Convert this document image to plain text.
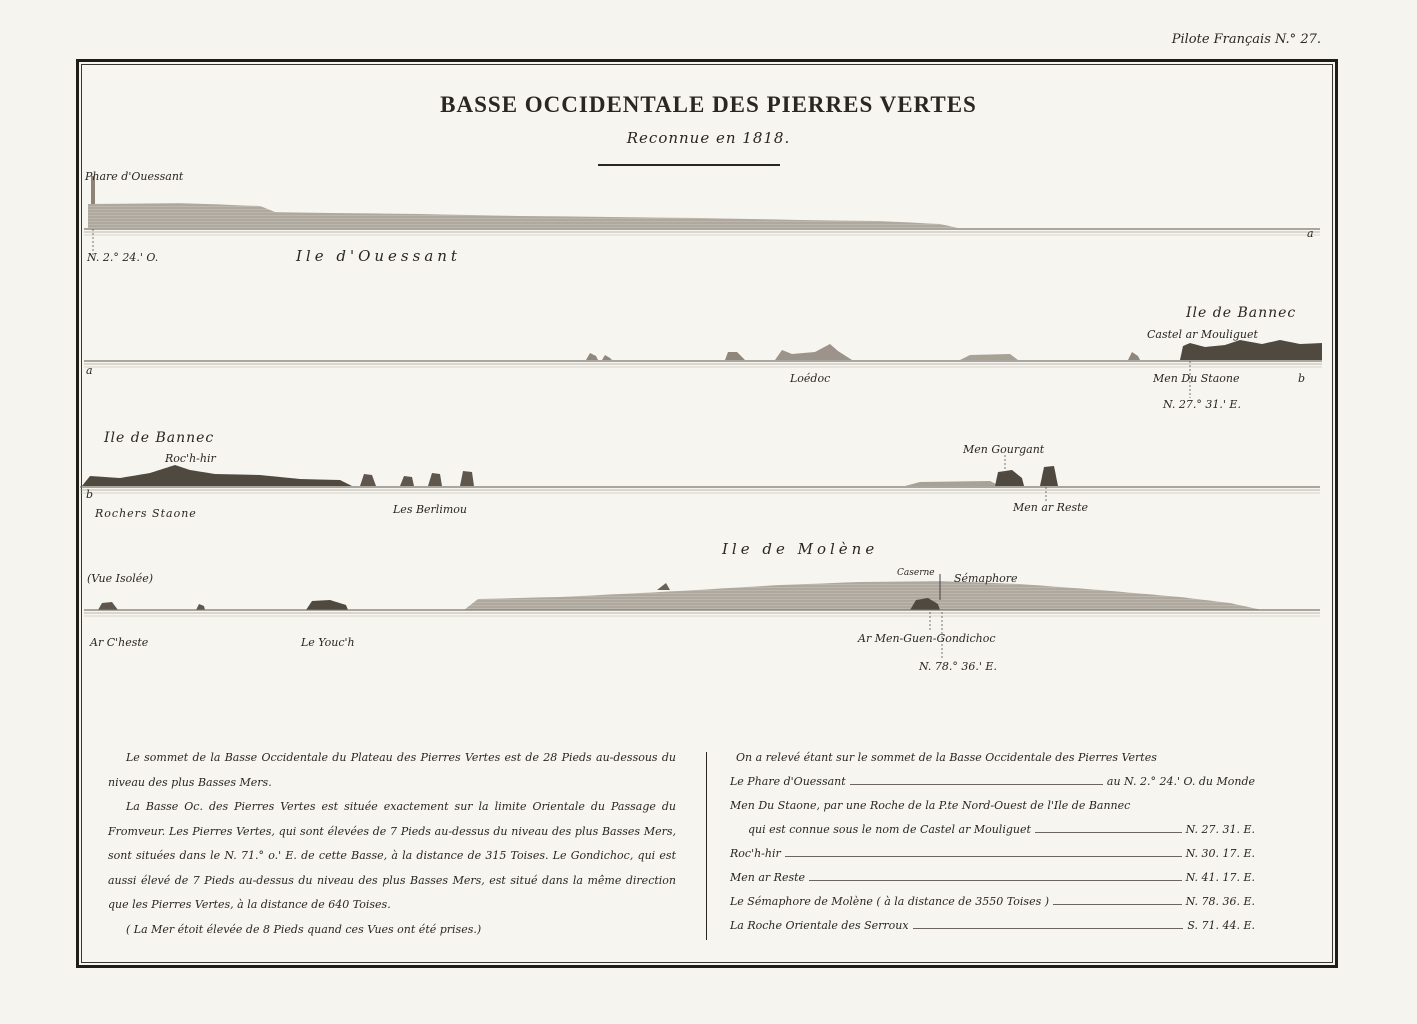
Pilote Français N.° 27.
BASSE OCCIDENTALE DES PIERRES VERTES
Reconnue en 1818.
Phare d'Ouessant
N. 2.° 24.' O.	Ile d'Ouessant
a
a
Ile de Bannec
Castel ar Mouliguet
Loédoc	Men Du Staone
N. 27.° 31.' E.
b
Ile de Bannec
Roc'h-hir
b
Rochers Staone	Les Berlimou
Men Gourgant
Men ar Reste
Ile de Molène
(Vue Isolée)	Caserne Sémaphore
Ar C'heste	Le Youc'h	Ar Men-Guen-Gondichoc
N. 78.° 36.' E.

Le sommet de la Basse Occidentale du Plateau des Pierres Vertes est de 28 Pieds au-dessous du niveau des plus Basses Mers.

La Basse Oc. des Pierres Vertes est située exactement sur la limite Orientale du Passage du Fromveur. Les Pierres Vertes, qui sont élevées de 7 Pieds au-dessus du niveau des plus Basses Mers, sont situées dans le N. 71.° o.' E. de cette Basse, à la distance de 315 Toises. Le Gondichoc, qui est aussi élevé de 7 Pieds au-dessus du niveau des plus Basses Mers, est situé dans la même direction que les Pierres Vertes, à la distance de 640 Toises.

( La Mer étoit élevée de 8 Pieds quand ces Vues ont été prises.)

On a relevé étant sur le sommet de la Basse Occidentale des Pierres Vertes
Le Phare d'Ouessant	au N. 2.° 24.' O. du Monde
Men Du Staone, par une Roche de la P.te Nord-Ouest de l'Ile de Bannec
qui est connue sous le nom de Castel ar Mouliguet	N. 27. 31. E.
Roc'h-hir	N. 30. 17. E.
Men ar Reste	N. 41. 17. E.
Le Sémaphore de Molène ( à la distance de 3550 Toises )	N. 78. 36. E.
La Roche Orientale des Serroux	S. 71. 44. E.
